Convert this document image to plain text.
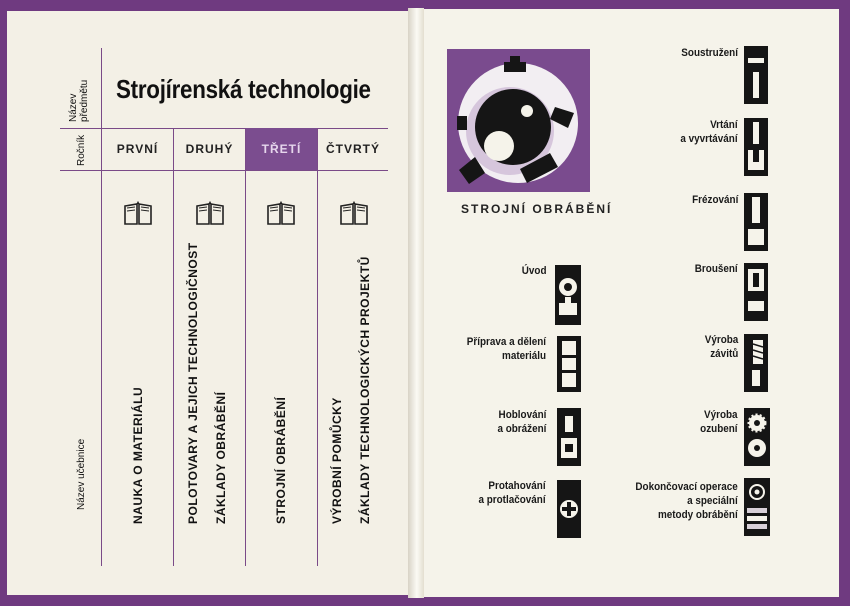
Název předmětu Strojírenská technologie
Ročník	PRVNÍ	DRUHÝ	TŘETÍ	ČTVRTÝ
Název učebnice	NAUKA O MATERIÁLU	POLOTOVARY A JEJICH TECHNOLOGIČNOST ZÁKLADY OBRÁBĚNÍ	STROJNÍ OBRÁBĚNÍ	VÝROBNÍ POMŮCKY ZÁKLADY TECHNOLOGICKÝCH PROJEKTŮ
STROJNÍ OBRÁBĚNÍ
Úvod
Příprava a dělení
materiálu
Hoblování
a obrážení
Protahování
a protlačování
Soustružení
Vrtání
a vyvrtávání
Frézování
Broušení
Výroba
závitů
Výroba
ozubení
Dokončovací operace
a speciální
metody obrábění
